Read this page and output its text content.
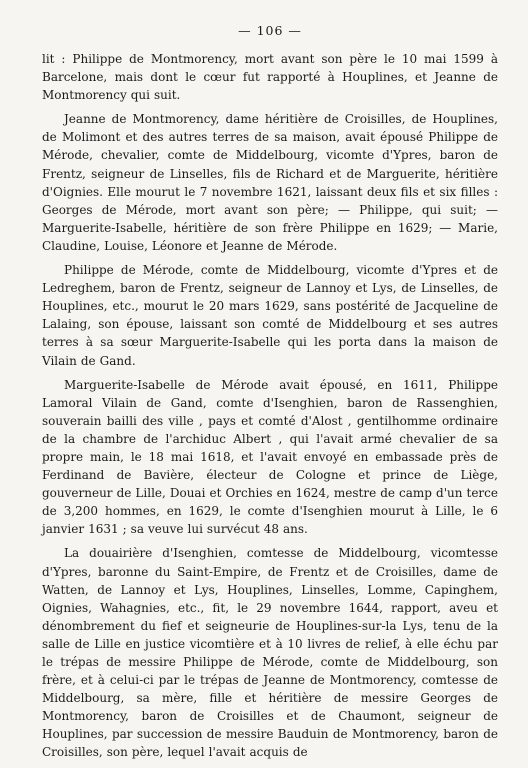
— 106 —

lit : Philippe de Montmorency, mort avant son père le 10 mai 1599 à Barcelone, mais dont le cœur fut rapporté à Houplines, et Jeanne de Montmorency qui suit.

Jeanne de Montmorency, dame héritière de Croisilles, de Houplines, de Molimont et des autres terres de sa maison, avait épousé Philippe de Mérode, chevalier, comte de Middelbourg, vicomte d'Ypres, baron de Frentz, seigneur de Linselles, fils de Richard et de Marguerite, héritière d'Oignies. Elle mourut le 7 novembre 1621, laissant deux fils et six filles : Georges de Mérode, mort avant son père; — Philippe, qui suit; — Marguerite-Isabelle, héritière de son frère Philippe en 1629; — Marie, Claudine, Louise, Léonore et Jeanne de Mérode.

Philippe de Mérode, comte de Middelbourg, vicomte d'Ypres et de Ledreghem, baron de Frentz, seigneur de Lannoy et Lys, de Linselles, de Houplines, etc., mourut le 20 mars 1629, sans postérité de Jacqueline de Lalaing, son épouse, laissant son comté de Middelbourg et ses autres terres à sa sœur Marguerite-Isabelle qui les porta dans la maison de Vilain de Gand.

Marguerite-Isabelle de Mérode avait épousé, en 1611, Philippe Lamoral Vilain de Gand, comte d'Isenghien, baron de Rassenghien, souverain bailli des ville , pays et comté d'Alost , gentilhomme ordinaire de la chambre de l'archiduc Albert , qui l'avait armé chevalier de sa propre main, le 18 mai 1618, et l'avait envoyé en embassade près de Ferdinand de Bavière, électeur de Cologne et prince de Liège, gouverneur de Lille, Douai et Orchies en 1624, mestre de camp d'un terce de 3,200 hommes, en 1629, le comte d'Isenghien mourut à Lille, le 6 janvier 1631 ; sa veuve lui survécut 48 ans.

La douairière d'Isenghien, comtesse de Middelbourg, vicomtesse d'Ypres, baronne du Saint-Empire, de Frentz et de Croisilles, dame de Watten, de Lannoy et Lys, Houplines, Linselles, Lomme, Capinghem, Oignies, Wahagnies, etc., fit, le 29 novembre 1644, rapport, aveu et dénombrement du fief et seigneurie de Houplines-sur-la Lys, tenu de la salle de Lille en justice vicomtière et à 10 livres de relief, à elle échu par le trépas de messire Philippe de Mérode, comte de Middelbourg, son frère, et à celui-ci par le trépas de Jeanne de Montmorency, comtesse de Middelbourg, sa mère, fille et héritière de messire Georges de Montmorency, baron de Croisilles et de Chaumont, seigneur de Houplines, par succession de messire Bauduin de Montmorency, baron de Croisilles, son père, lequel l'avait acquis de
